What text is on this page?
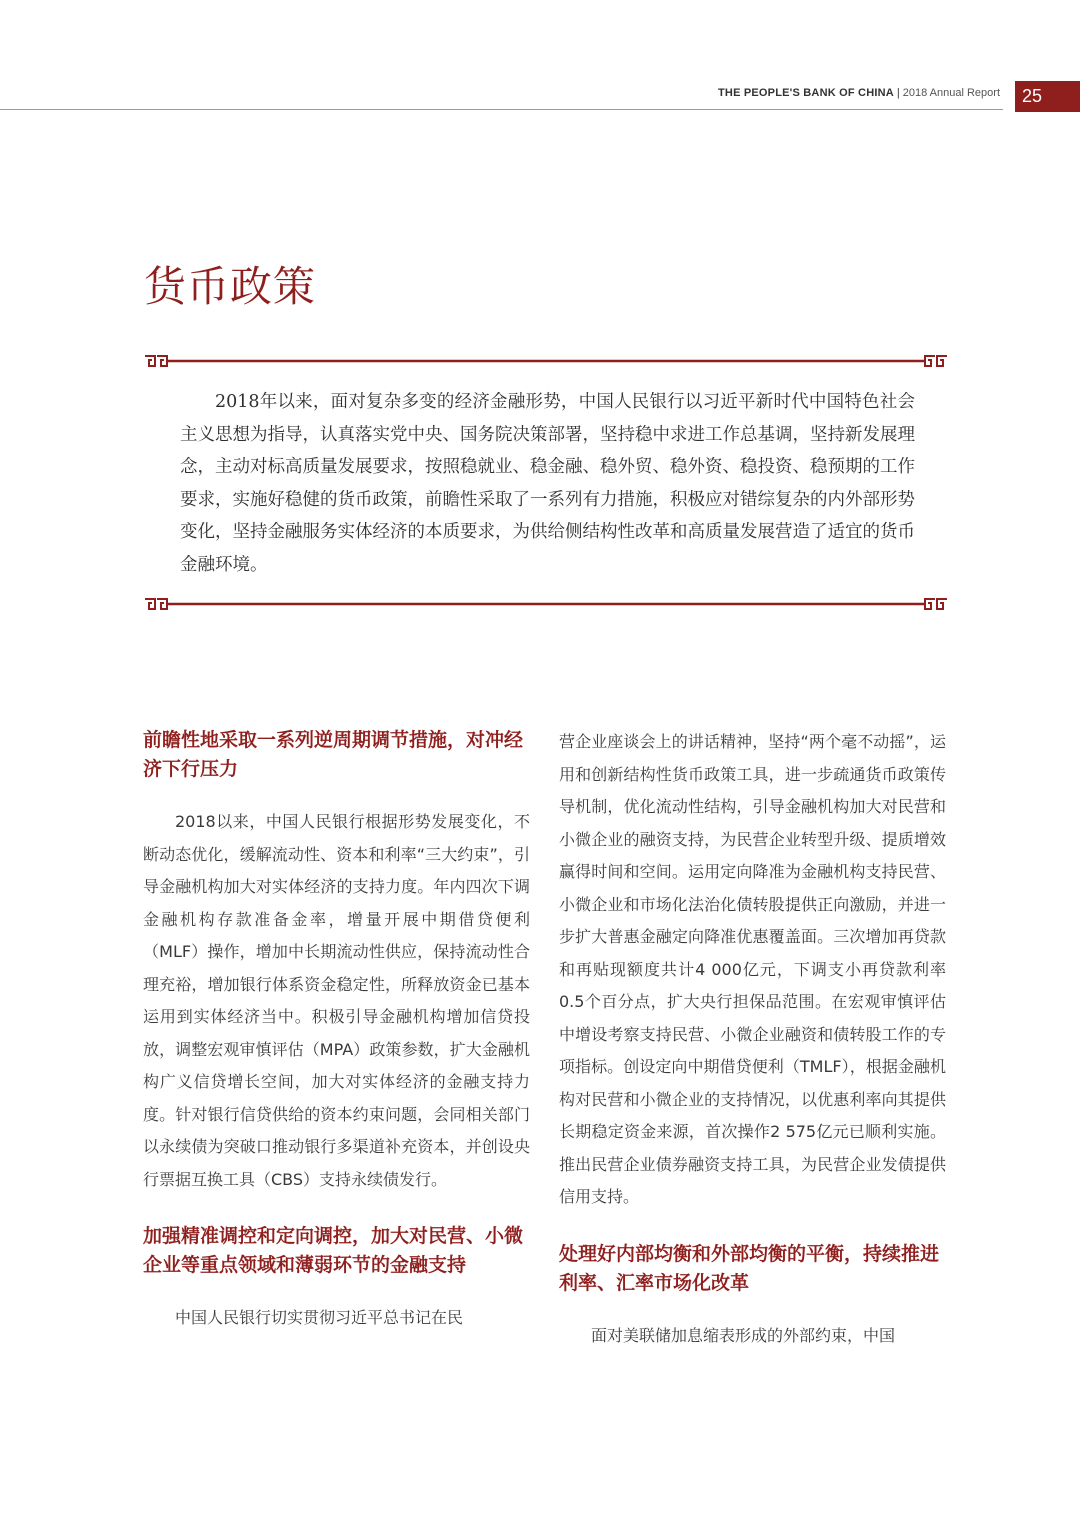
THE PEOPLE'S BANK OF CHINA | 2018 Annual Report	25
货币政策

2018年以来，面对复杂多变的经济金融形势，中国人民银行以习近平新时代中国特色社会主义思想为指导，认真落实党中央、国务院决策部署，坚持稳中求进工作总基调，坚持新发展理念，主动对标高质量发展要求，按照稳就业、稳金融、稳外贸、稳外资、稳投资、稳预期的工作要求，实施好稳健的货币政策，前瞻性采取了一系列有力措施，积极应对错综复杂的内外部形势变化，坚持金融服务实体经济的本质要求，为供给侧结构性改革和高质量发展营造了适宜的货币金融环境。

前瞻性地采取一系列逆周期调节措施，对冲经济下行压力

2018以来，中国人民银行根据形势发展变化，不断动态优化，缓解流动性、资本和利率“三大约束”，引导金融机构加大对实体经济的支持力度。年内四次下调金融机构存款准备金率，增量开展中期借贷便利（MLF）操作，增加中长期流动性供应，保持流动性合理充裕，增加银行体系资金稳定性，所释放资金已基本运用到实体经济当中。积极引导金融机构增加信贷投放，调整宏观审慎评估（MPA）政策参数，扩大金融机构广义信贷增长空间，加大对实体经济的金融支持力度。针对银行信贷供给的资本约束问题，会同相关部门以永续债为突破口推动银行多渠道补充资本，并创设央行票据互换工具（CBS）支持永续债发行。

加强精准调控和定向调控，加大对民营、小微企业等重点领域和薄弱环节的金融支持

中国人民银行切实贯彻习近平总书记在民

营企业座谈会上的讲话精神，坚持“两个毫不动摇”，运用和创新结构性货币政策工具，进一步疏通货币政策传导机制，优化流动性结构，引导金融机构加大对民营和小微企业的融资支持，为民营企业转型升级、提质增效赢得时间和空间。运用定向降准为金融机构支持民营、小微企业和市场化法治化债转股提供正向激励，并进一步扩大普惠金融定向降准优惠覆盖面。三次增加再贷款和再贴现额度共计4 000亿元，下调支小再贷款利率0.5个百分点，扩大央行担保品范围。在宏观审慎评估中增设考察支持民营、小微企业融资和债转股工作的专项指标。创设定向中期借贷便利（TMLF），根据金融机构对民营和小微企业的支持情况，以优惠利率向其提供长期稳定资金来源，首次操作2 575亿元已顺利实施。推出民营企业债券融资支持工具，为民营企业发债提供信用支持。

处理好内部均衡和外部均衡的平衡，持续推进利率、汇率市场化改革

面对美联储加息缩表形成的外部约束，中国
